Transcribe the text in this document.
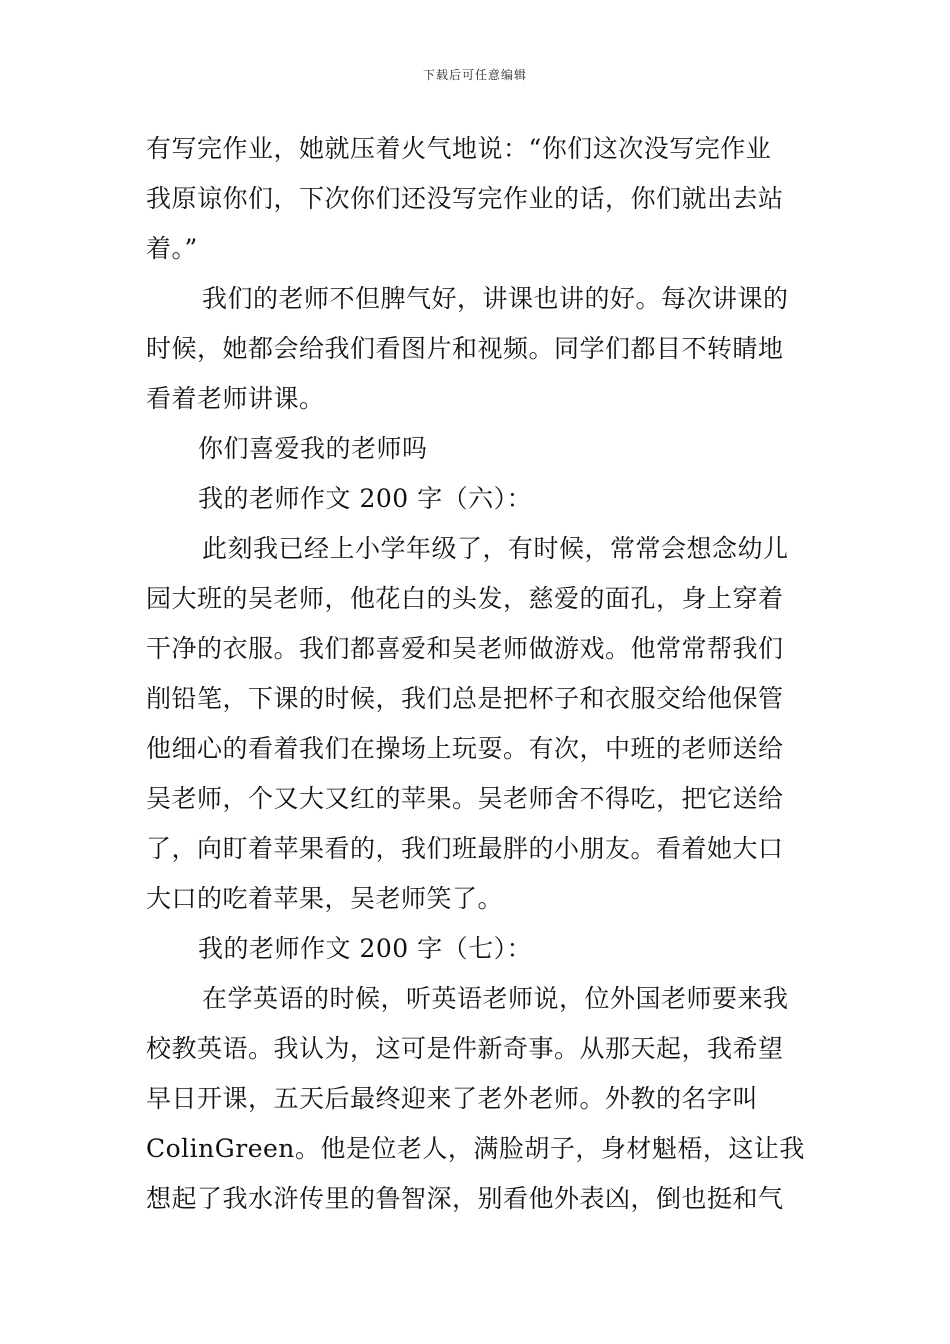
下载后可任意编辑

有写完作业，她就压着火气地说：“你们这次没写完作业

我原谅你们，下次你们还没写完作业的话，你们就出去站

着。”

我们的老师不但脾气好，讲课也讲的好。每次讲课的

时候，她都会给我们看图片和视频。同学们都目不转睛地

看着老师讲课。

你们喜爱我的老师吗

我的老师作文 200 字（六）：

此刻我已经上小学年级了，有时候，常常会想念幼儿

园大班的吴老师，他花白的头发，慈爱的面孔，身上穿着

干净的衣服。我们都喜爱和吴老师做游戏。他常常帮我们

削铅笔，下课的时候，我们总是把杯子和衣服交给他保管

他细心的看着我们在操场上玩耍。有次，中班的老师送给

吴老师，个又大又红的苹果。吴老师舍不得吃，把它送给

了，向盯着苹果看的，我们班最胖的小朋友。看着她大口

大口的吃着苹果，吴老师笑了。

我的老师作文 200 字（七）：

在学英语的时候，听英语老师说，位外国老师要来我

校教英语。我认为，这可是件新奇事。从那天起，我希望

早日开课，五天后最终迎来了老外老师。外教的名字叫

ColinGreen。他是位老人，满脸胡子，身材魁梧，这让我

想起了我水浒传里的鲁智深，别看他外表凶，倒也挺和气
